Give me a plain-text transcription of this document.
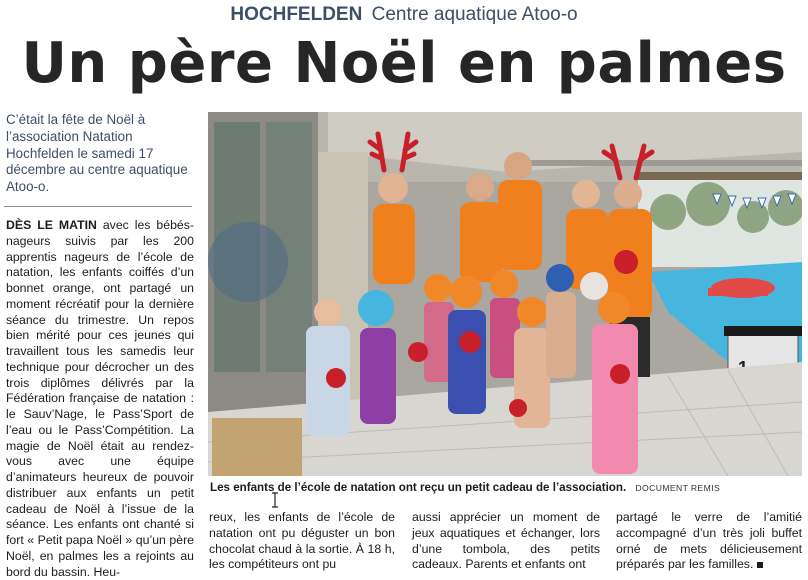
HOCHFELDEN Centre aquatique Atoo-o
Un père Noël en palmes
C’était la fête de Noël à l’association Natation Hochfelden le samedi 17 décembre au centre aquatique Atoo-o.

DÈS LE MATIN avec les bébés-nageurs suivis par les 200 apprentis nageurs de l’école de natation, les enfants coiffés d’un bonnet orange, ont partagé un moment récréatif pour la dernière séance du trimestre. Un repos bien mérité pour ces jeunes qui travaillent tous les samedis leur technique pour décrocher un des trois diplômes délivrés par la Fédération française de natation : le Sauv’Nage, le Pass’Sport de l’eau ou le Pass’Compétition. La magie de Noël était au rendez-vous avec une équipe d’animateurs heureux de pouvoir distribuer aux enfants un petit cadeau de Noël à l’issue de la séance. Les enfants ont chanté si fort « Petit papa Noël » qu’un père Noël, en palmes les a rejoints au bord du bassin. Heu-

Les enfants de l’école de natation ont reçu un petit cadeau de l’association. DOCUMENT REMIS

reux, les enfants de l’école de natation ont pu déguster un bon chocolat chaud à la sortie. À 18 h, les compétiteurs ont pu

aussi apprécier un moment de jeux aquatiques et échanger, lors d’une tombola, des petits cadeaux. Parents et enfants ont

partagé le verre de l’amitié accompagné d’un très joli buffet orné de mets délicieusement préparés par les familles.
